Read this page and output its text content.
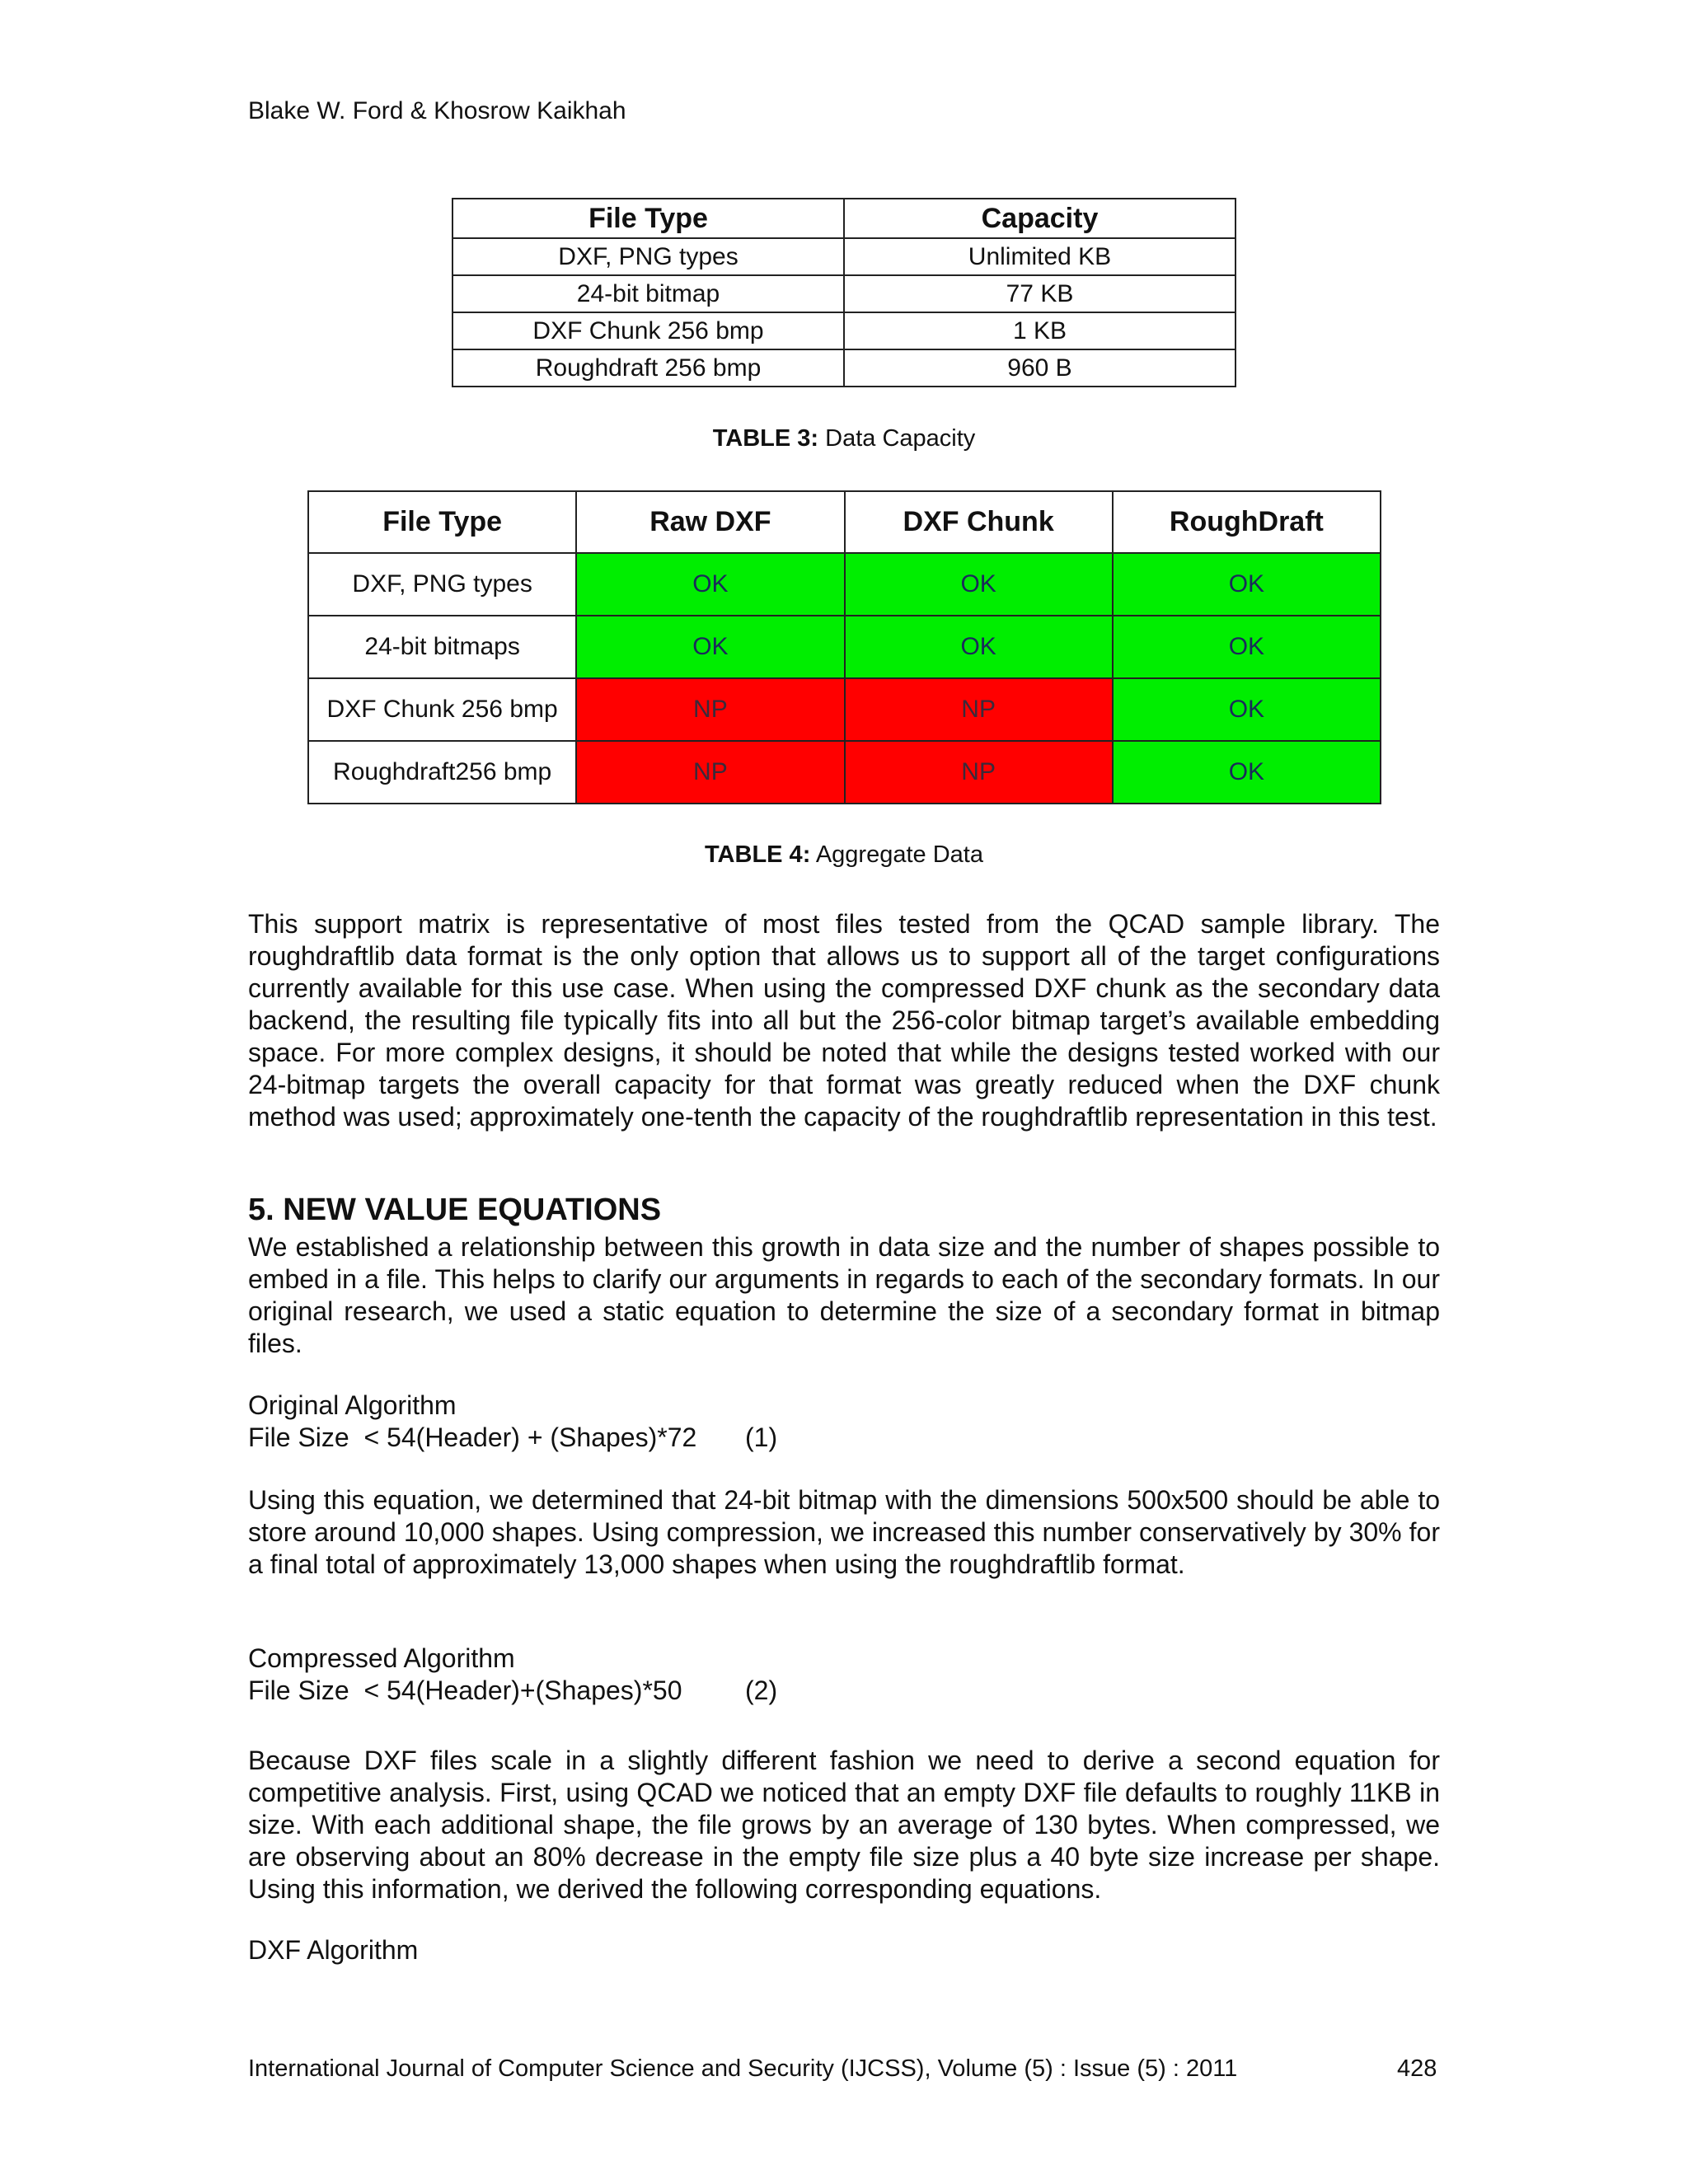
Blake W. Ford & Khosrow Kaikhah
File Type	Capacity
DXF, PNG types	Unlimited KB
24-bit bitmap	77 KB
DXF Chunk 256 bmp	1 KB
Roughdraft 256 bmp	960 B
TABLE 3: Data Capacity
File Type	Raw DXF	DXF Chunk	RoughDraft
DXF, PNG types	OK	OK	OK
24-bit bitmaps	OK	OK	OK
DXF Chunk 256 bmp	NP	NP	OK
Roughdraft256 bmp	NP	NP	OK
TABLE 4: Aggregate Data
This support matrix is representative of most files tested from the QCAD sample library. The roughdraftlib data format is the only option that allows us to support all of the target configurations currently available for this use case. When using the compressed DXF chunk as the secondary data backend, the resulting file typically fits into all but the 256-color bitmap target’s available embedding space. For more complex designs, it should be noted that while the designs tested worked with our 24-bitmap targets the overall capacity for that format was greatly reduced when the DXF chunk method was used; approximately one-tenth the capacity of the roughdraftlib representation in this test.
5. NEW VALUE EQUATIONS
We established a relationship between this growth in data size and the number of shapes possible to embed in a file. This helps to clarify our arguments in regards to each of the secondary formats. In our original research, we used a static equation to determine the size of a secondary format in bitmap files.
Original Algorithm
File Size  < 54(Header) + (Shapes)*72 (1)
Using this equation, we determined that 24-bit bitmap with the dimensions 500x500 should be able to store around 10,000 shapes. Using compression, we increased this number conservatively by 30% for a final total of approximately 13,000 shapes when using the roughdraftlib format.
Compressed Algorithm
File Size  < 54(Header)+(Shapes)*50 (2)
Because DXF files scale in a slightly different fashion we need to derive a second equation for competitive analysis. First, using QCAD we noticed that an empty DXF file defaults to roughly 11KB in size. With each additional shape, the file grows by an average of 130 bytes. When compressed, we are observing about an 80% decrease in the empty file size plus a 40 byte size increase per shape. Using this information, we derived the following corresponding equations.
DXF Algorithm
International Journal of Computer Science and Security (IJCSS), Volume (5) : Issue (5) : 2011	428
